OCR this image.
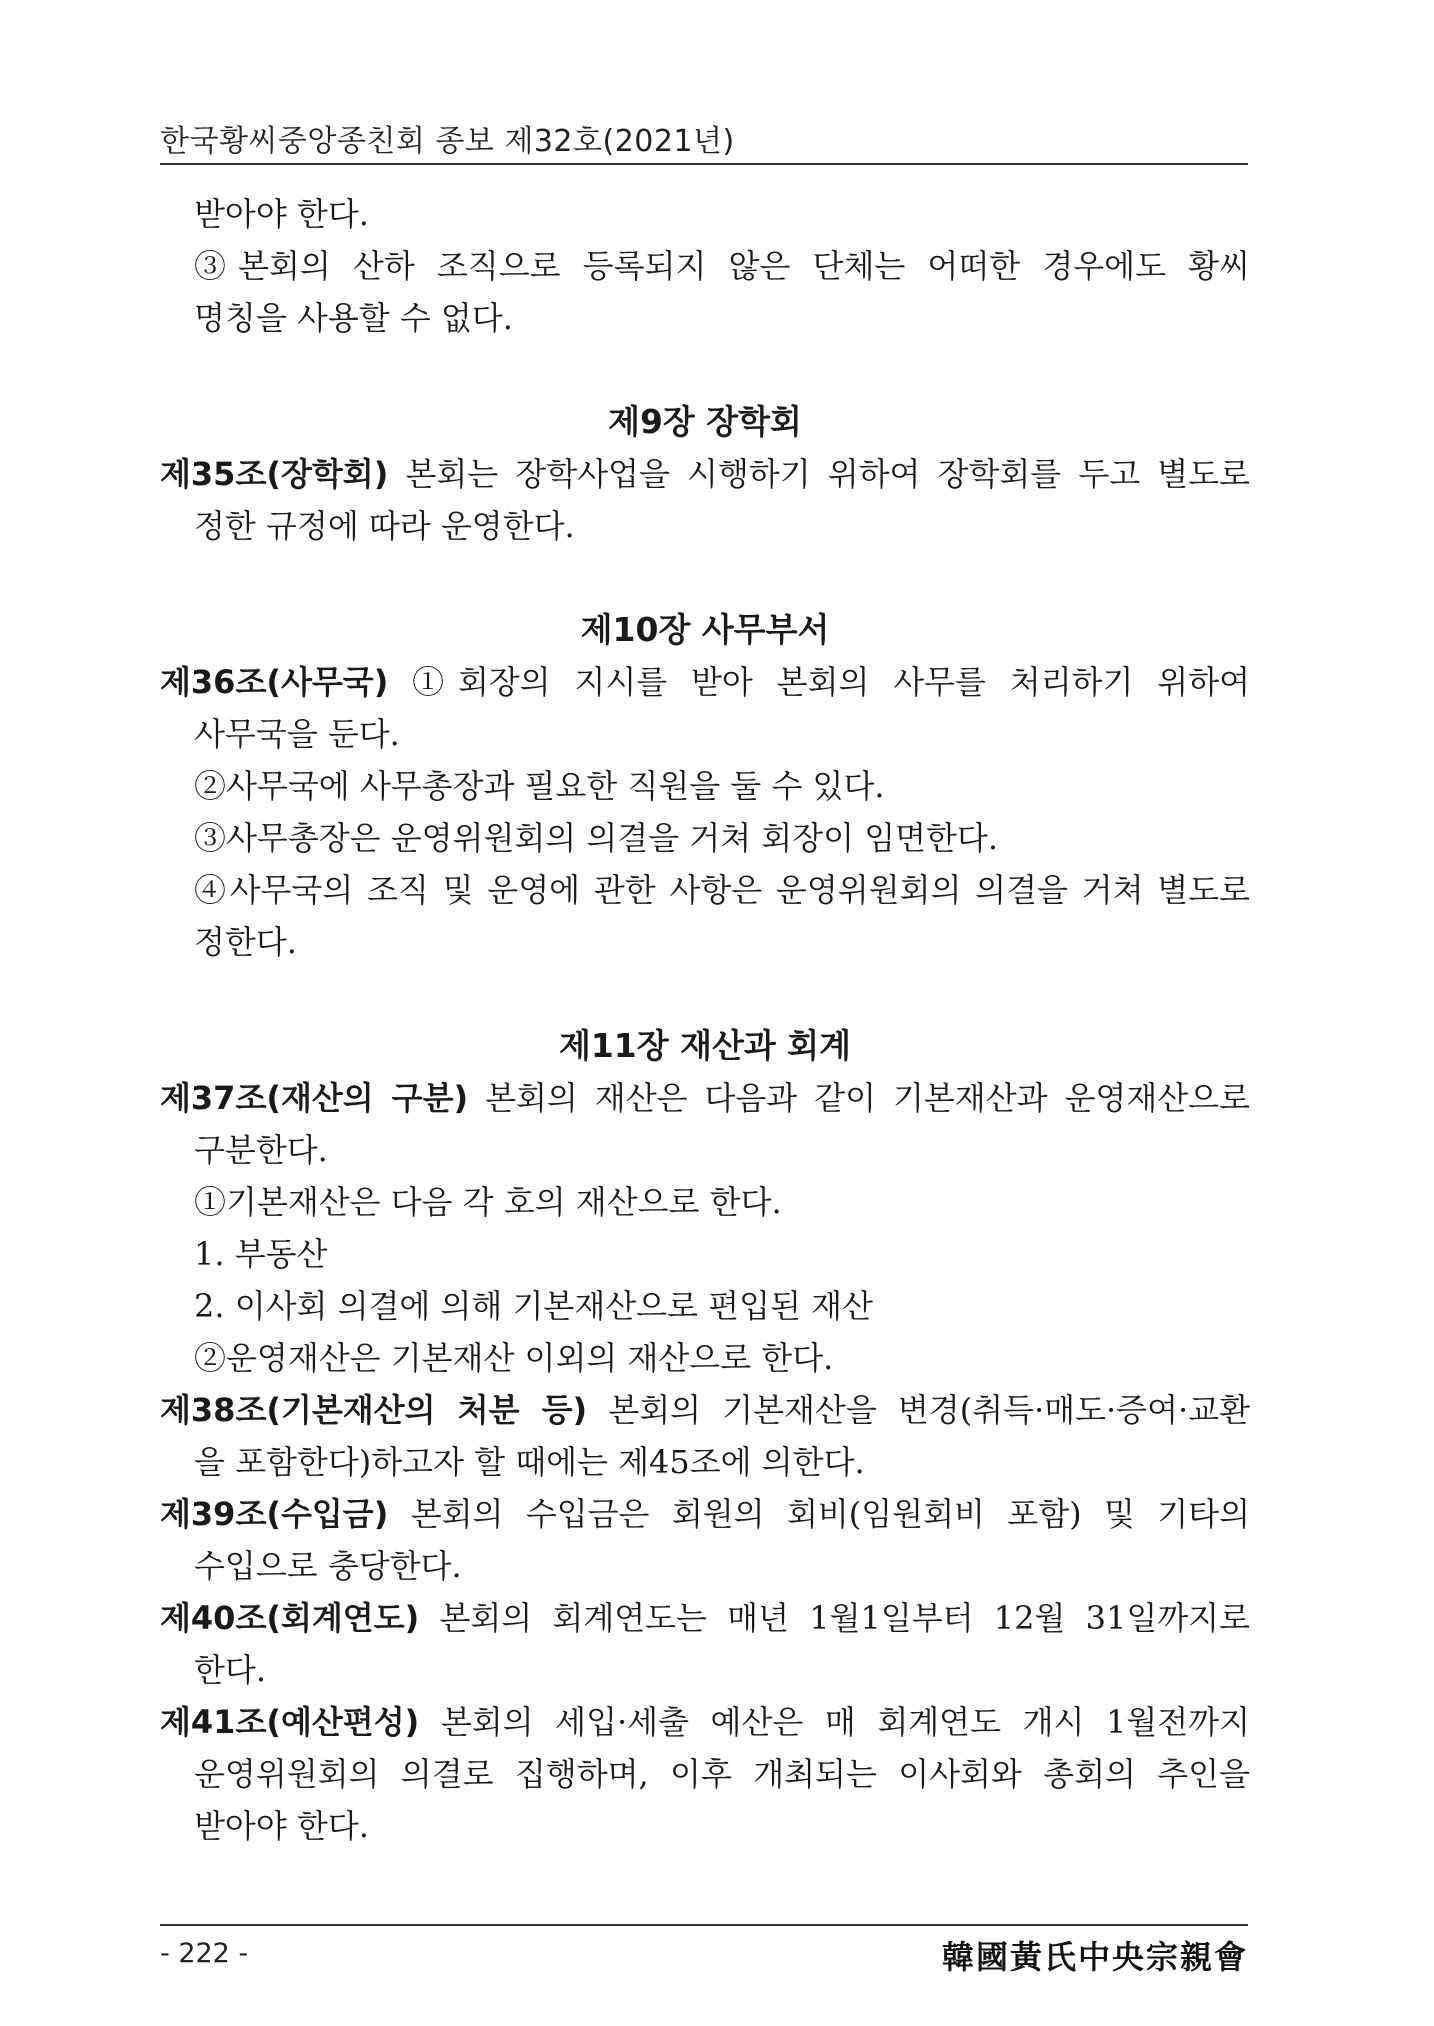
한국황씨중앙종친회 종보 제32호(2021년)
받아야 한다.
③본회의 산하 조직으로 등록되지 않은 단체는 어떠한 경우에도 황씨
명칭을 사용할 수 없다.
제9장 장학회
제35조(장학회) 본회는 장학사업을 시행하기 위하여 장학회를 두고 별도로
정한 규정에 따라 운영한다.
제10장 사무부서
제36조(사무국) ①회장의 지시를 받아 본회의 사무를 처리하기 위하여
사무국을 둔다.
②사무국에 사무총장과 필요한 직원을 둘 수 있다.
③사무총장은 운영위원회의 의결을 거쳐 회장이 임면한다.
④사무국의 조직 및 운영에 관한 사항은 운영위원회의 의결을 거쳐 별도로
정한다.
제11장 재산과 회계
제37조(재산의 구분) 본회의 재산은 다음과 같이 기본재산과 운영재산으로
구분한다.
①기본재산은 다음 각 호의 재산으로 한다.
1. 부동산
2. 이사회 의결에 의해 기본재산으로 편입된 재산
②운영재산은 기본재산 이외의 재산으로 한다.
제38조(기본재산의 처분 등) 본회의 기본재산을 변경(취득·매도·증여·교환
을 포함한다)하고자 할 때에는 제45조에 의한다.
제39조(수입금) 본회의 수입금은 회원의 회비(임원회비 포함) 및 기타의
수입으로 충당한다.
제40조(회계연도) 본회의 회계연도는 매년 1월1일부터 12월 31일까지로
한다.
제41조(예산편성) 본회의 세입·세출 예산은 매 회계연도 개시 1월전까지
운영위원회의 의결로 집행하며, 이후 개최되는 이사회와 총회의 추인을
받아야 한다.
- 222 -	韓國黃氏中央宗親會
